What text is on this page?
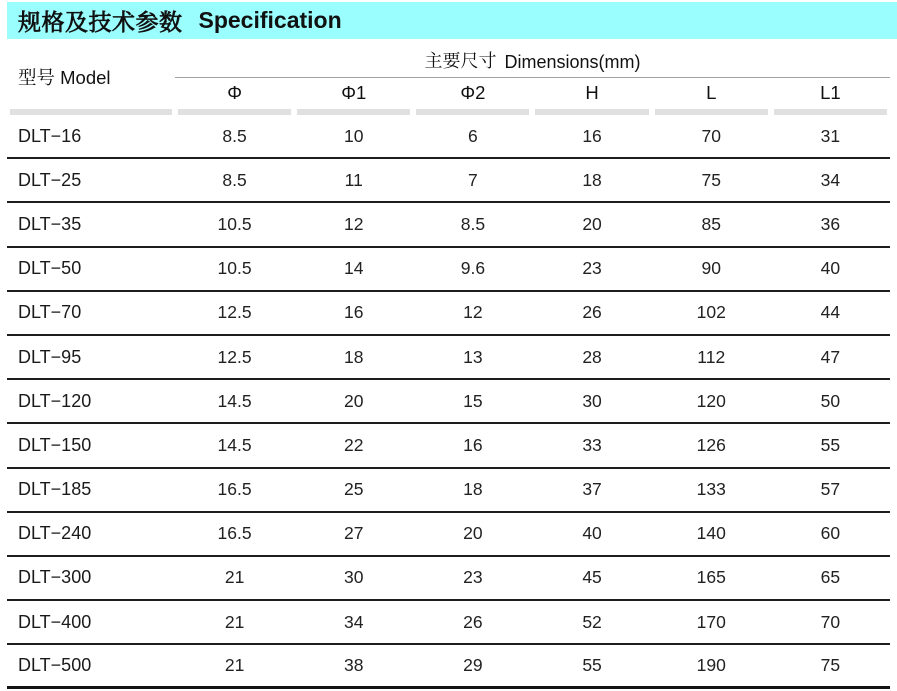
规格及技术参数 Specification
型号 Model
主要尺寸 Dimensions(mm)
Φ	Φ1	Φ2	H	L	L1
DLT−16	8.5	10	6	16	70	31
DLT−25	8.5	11	7	18	75	34
DLT−35	10.5	12	8.5	20	85	36
DLT−50	10.5	14	9.6	23	90	40
DLT−70	12.5	16	12	26	102	44
DLT−95	12.5	18	13	28	112	47
DLT−120	14.5	20	15	30	120	50
DLT−150	14.5	22	16	33	126	55
DLT−185	16.5	25	18	37	133	57
DLT−240	16.5	27	20	40	140	60
DLT−300	21	30	23	45	165	65
DLT−400	21	34	26	52	170	70
DLT−500	21	38	29	55	190	75
